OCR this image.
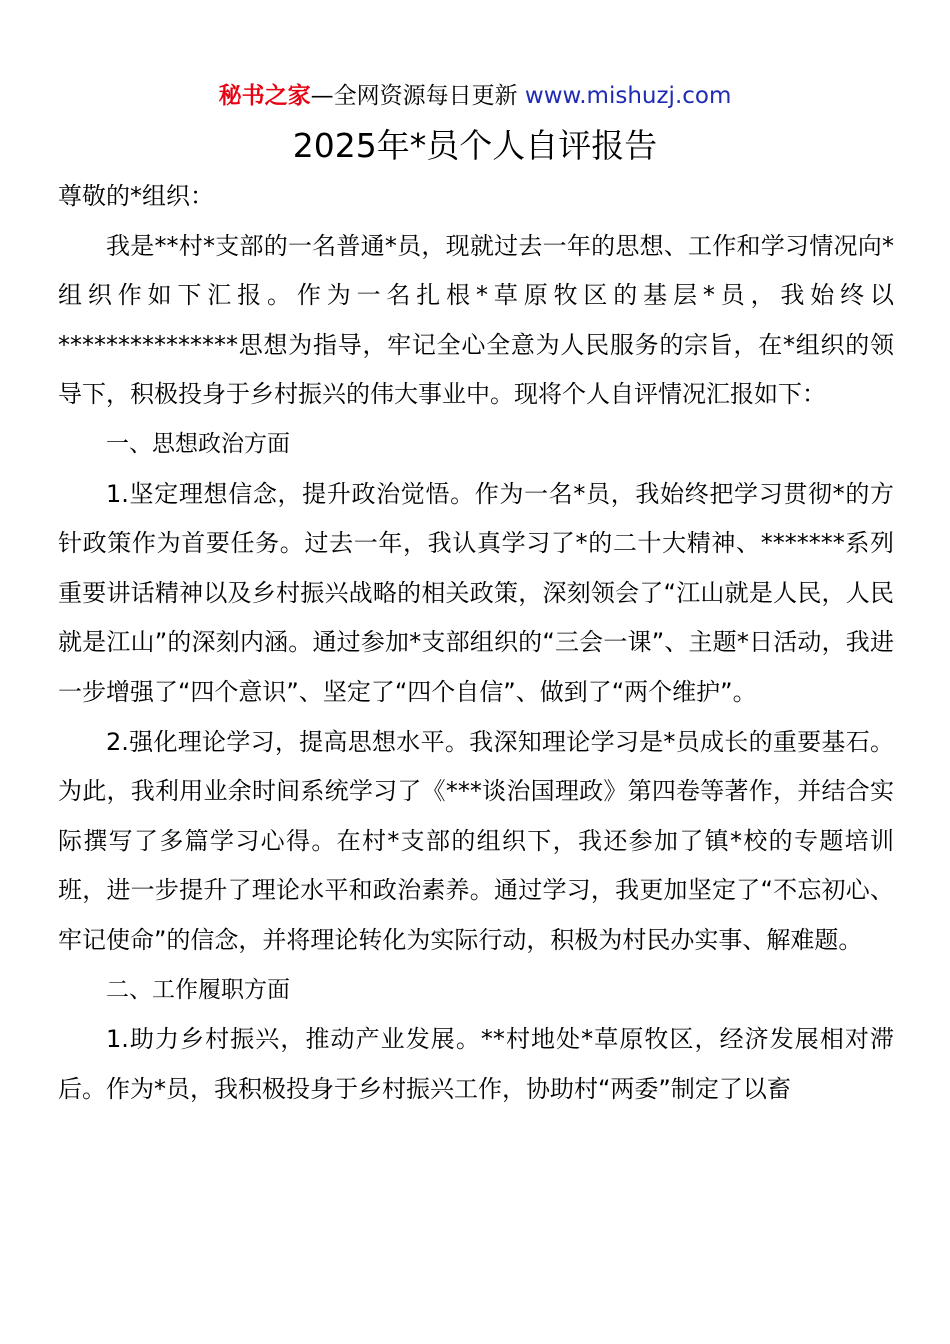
秘书之家—全网资源每日更新 www.mishuzj.com
2025年*员个人自评报告

尊敬的*组织：

我是**村*支部的一名普通*员，现就过去一年的思想、工作和学习情况向*组织作如下汇报。作为一名扎根*草原牧区的基层*员，我始终以***************思想为指导，牢记全心全意为人民服务的宗旨，在*组织的领导下，积极投身于乡村振兴的伟大事业中。现将个人自评情况汇报如下：

一、思想政治方面

1.坚定理想信念，提升政治觉悟。作为一名*员，我始终把学习贯彻*的方针政策作为首要任务。过去一年，我认真学习了*的二十大精神、*******系列重要讲话精神以及乡村振兴战略的相关政策，深刻领会了“江山就是人民，人民就是江山”的深刻内涵。通过参加*支部组织的“三会一课”、主题*日活动，我进一步增强了“四个意识”、坚定了“四个自信”、做到了“两个维护”。

2.强化理论学习，提高思想水平。我深知理论学习是*员成长的重要基石。为此，我利用业余时间系统学习了《***谈治国理政》第四卷等著作，并结合实际撰写了多篇学习心得。在村*支部的组织下，我还参加了镇*校的专题培训班，进一步提升了理论水平和政治素养。通过学习，我更加坚定了“不忘初心、牢记使命”的信念，并将理论转化为实际行动，积极为村民办实事、解难题。

二、工作履职方面

1.助力乡村振兴，推动产业发展。**村地处*草原牧区，经济发展相对滞后。作为*员，我积极投身于乡村振兴工作，协助村“两委”制定了以畜
